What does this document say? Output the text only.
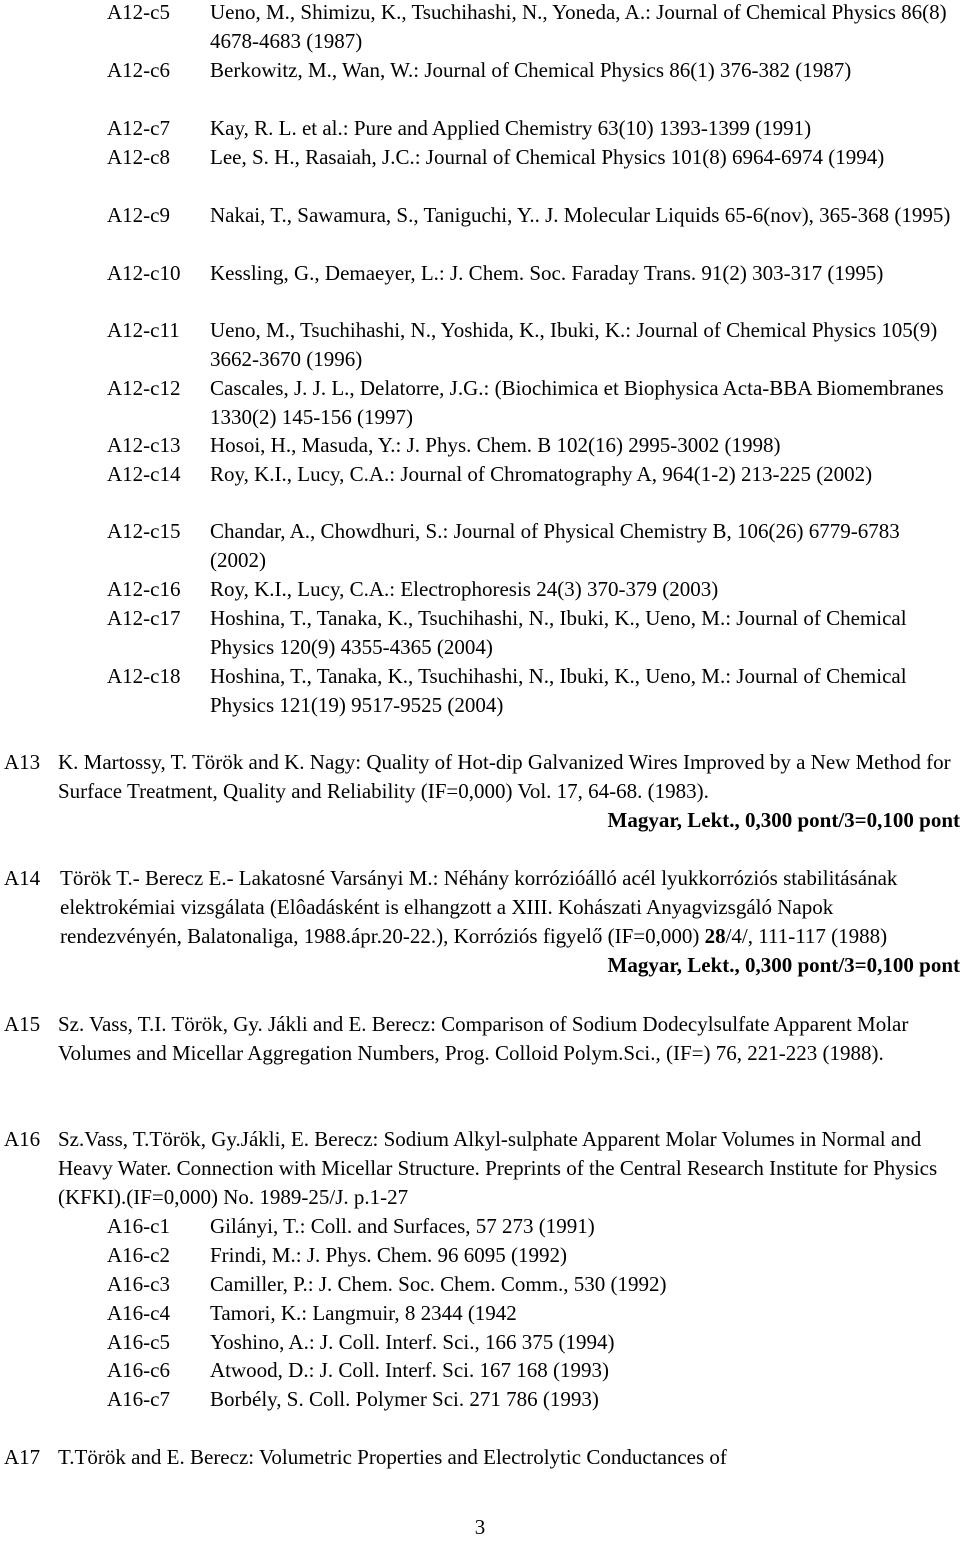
A12-c5 Ueno, M., Shimizu, K., Tsuchihashi, N., Yoneda, A.: Journal of Chemical Physics 86(8) 4678-4683 (1987)
A12-c6 Berkowitz, M., Wan, W.: Journal of Chemical Physics 86(1) 376-382 (1987)
A12-c7 Kay, R. L. et al.: Pure and Applied Chemistry 63(10) 1393-1399 (1991)
A12-c8 Lee, S. H., Rasaiah, J.C.: Journal of Chemical Physics 101(8) 6964-6974 (1994)
A12-c9 Nakai, T., Sawamura, S., Taniguchi, Y.. J. Molecular Liquids 65-6(nov), 365-368 (1995)
A12-c10 Kessling, G., Demaeyer, L.: J. Chem. Soc. Faraday Trans. 91(2) 303-317 (1995)
A12-c11 Ueno, M., Tsuchihashi, N., Yoshida, K., Ibuki, K.: Journal of Chemical Physics 105(9) 3662-3670 (1996)
A12-c12 Cascales, J. J. L., Delatorre, J.G.: (Biochimica et Biophysica Acta-BBA Biomembranes 1330(2) 145-156 (1997)
A12-c13 Hosoi, H., Masuda, Y.: J. Phys. Chem. B 102(16) 2995-3002 (1998)
A12-c14 Roy, K.I., Lucy, C.A.: Journal of Chromatography A, 964(1-2) 213-225 (2002)
A12-c15 Chandar, A., Chowdhuri, S.: Journal of Physical Chemistry B, 106(26) 6779-6783 (2002)
A12-c16 Roy, K.I., Lucy, C.A.: Electrophoresis 24(3) 370-379 (2003)
A12-c17 Hoshina, T., Tanaka, K., Tsuchihashi, N., Ibuki, K., Ueno, M.: Journal of Chemical Physics 120(9) 4355-4365 (2004)
A12-c18 Hoshina, T., Tanaka, K., Tsuchihashi, N., Ibuki, K., Ueno, M.: Journal of Chemical Physics 121(19) 9517-9525 (2004)
A13 K. Martossy, T. Török and K. Nagy: Quality of Hot-dip Galvanized Wires Improved by a New Method for Surface Treatment, Quality and Reliability (IF=0,000) Vol. 17, 64-68. (1983).
Magyar, Lekt., 0,300 pont/3=0,100 pont
A14 Török T.- Berecz E.- Lakatosné Varsányi M.: Néhány korrózióálló acél lyukkorróziós stabilitásának elektrokémiai vizsgálata (Elôadásként is elhangzott a XIII. Kohászati Anyagvizsgáló Napok rendezvényén, Balatonaliga, 1988.ápr.20-22.), Korróziós figyelő (IF=0,000) 28/4/, 111-117 (1988)
Magyar, Lekt., 0,300 pont/3=0,100 pont
A15 Sz. Vass, T.I. Török, Gy. Jákli and E. Berecz: Comparison of Sodium Dodecylsulfate Apparent Molar Volumes and Micellar Aggregation Numbers, Prog. Colloid Polym.Sci., (IF=) 76, 221-223 (1988).
A16 Sz.Vass, T.Török, Gy.Jákli, E. Berecz: Sodium Alkyl-sulphate Apparent Molar Volumes in Normal and Heavy Water. Connection with Micellar Structure. Preprints of the Central Research Institute for Physics (KFKI).(IF=0,000) No. 1989-25/J. p.1-27
A16-c1 Gilányi, T.: Coll. and Surfaces, 57 273 (1991)
A16-c2 Frindi, M.: J. Phys. Chem. 96 6095 (1992)
A16-c3 Camiller, P.: J. Chem. Soc. Chem. Comm., 530 (1992)
A16-c4 Tamori, K.: Langmuir, 8 2344 (1942
A16-c5 Yoshino, A.: J. Coll. Interf. Sci., 166 375 (1994)
A16-c6 Atwood, D.: J. Coll. Interf. Sci. 167 168 (1993)
A16-c7 Borbély, S. Coll. Polymer Sci. 271 786 (1993)
A17 T.Török and E. Berecz: Volumetric Properties and Electrolytic Conductances of
3
